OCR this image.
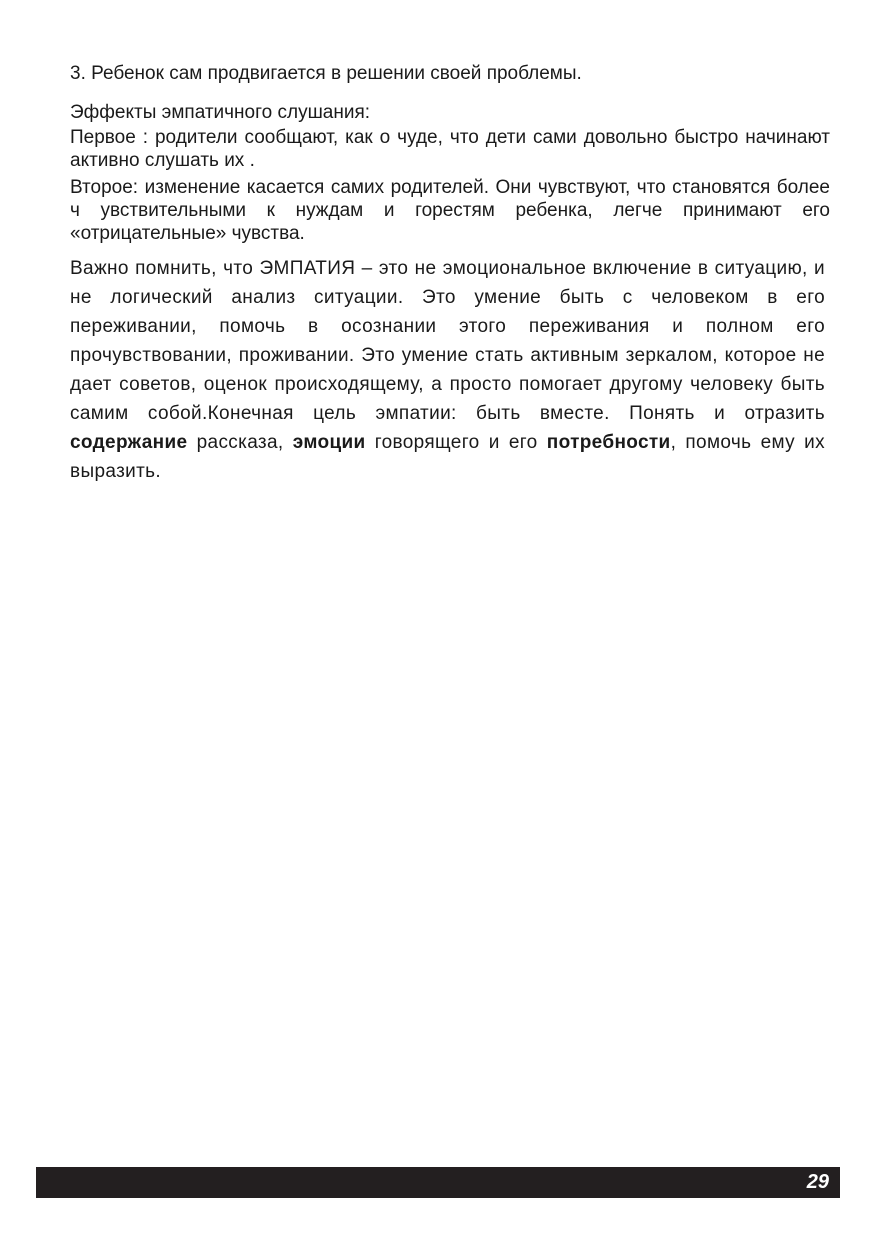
3. Ребенок сам продвигается в решении своей проблемы.

Эффекты эмпатичного слушания:

Первое : родители сообщают, как о чуде, что дети сами довольно быстро начинают активно слушать их .

Второе: изменение касается самих родителей. Они чувствуют, что становятся более ч увствительными к нуждам и горестям ребенка, легче принимают его «отрицательные» чувства.

Важно помнить, что ЭМПАТИЯ – это не эмоциональное включение в ситуацию, и не логический анализ ситуации. Это умение быть с человеком в его переживании, помочь в осознании этого переживания и полном его прочувствовании, проживании. Это умение стать активным зеркалом, которое не дает советов, оценок происходящему, а просто помогает другому человеку быть самим собой.Конечная цель эмпатии: быть вместе. Понять и отразить содержание рассказа, эмоции говорящего и его потребности, помочь ему их выразить.

29
